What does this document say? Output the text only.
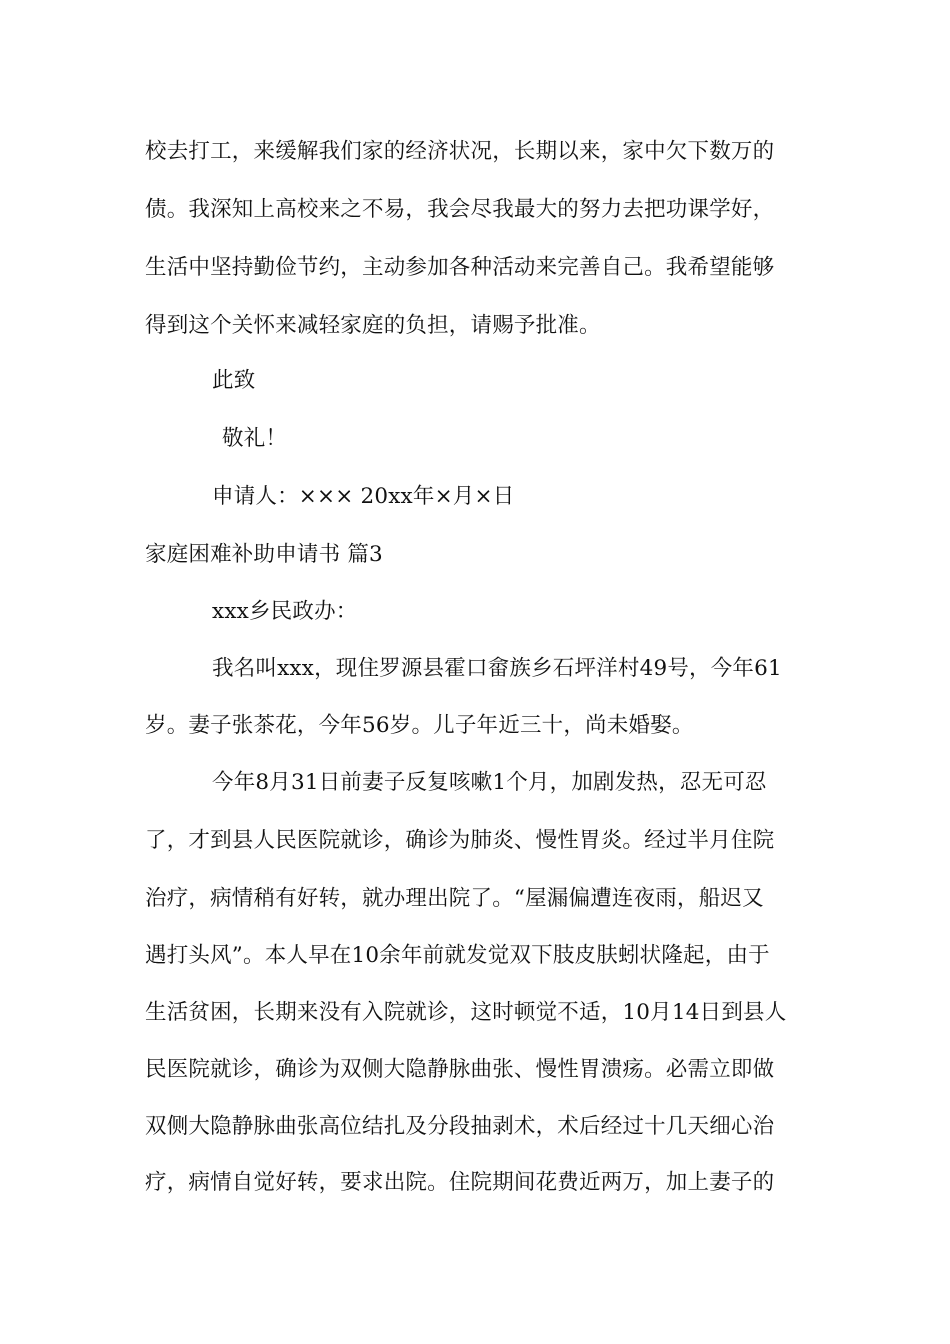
校去打工，来缓解我们家的经济状况，长期以来，家中欠下数万的
债。我深知上高校来之不易，我会尽我最大的努力去把功课学好，
生活中坚持勤俭节约，主动参加各种活动来完善自己。我希望能够
得到这个关怀来减轻家庭的负担，请赐予批准。
此致
敬礼！
申请人：××× 20xx年×月×日
家庭困难补助申请书 篇3
xxx乡民政办：
我名叫xxx，现住罗源县霍口畲族乡石坪洋村49号，今年61
岁。妻子张茶花，今年56岁。儿子年近三十，尚未婚娶。
今年8月31日前妻子反复咳嗽1个月，加剧发热，忍无可忍
了，才到县人民医院就诊，确诊为肺炎、慢性胃炎。经过半月住院
治疗，病情稍有好转，就办理出院了。“屋漏偏遭连夜雨，船迟又
遇打头风”。本人早在10余年前就发觉双下肢皮肤蚓状隆起，由于
生活贫困，长期来没有入院就诊，这时顿觉不适，10月14日到县人
民医院就诊，确诊为双侧大隐静脉曲张、慢性胃溃疡。必需立即做
双侧大隐静脉曲张高位结扎及分段抽剥术，术后经过十几天细心治
疗，病情自觉好转，要求出院。住院期间花费近两万，加上妻子的
